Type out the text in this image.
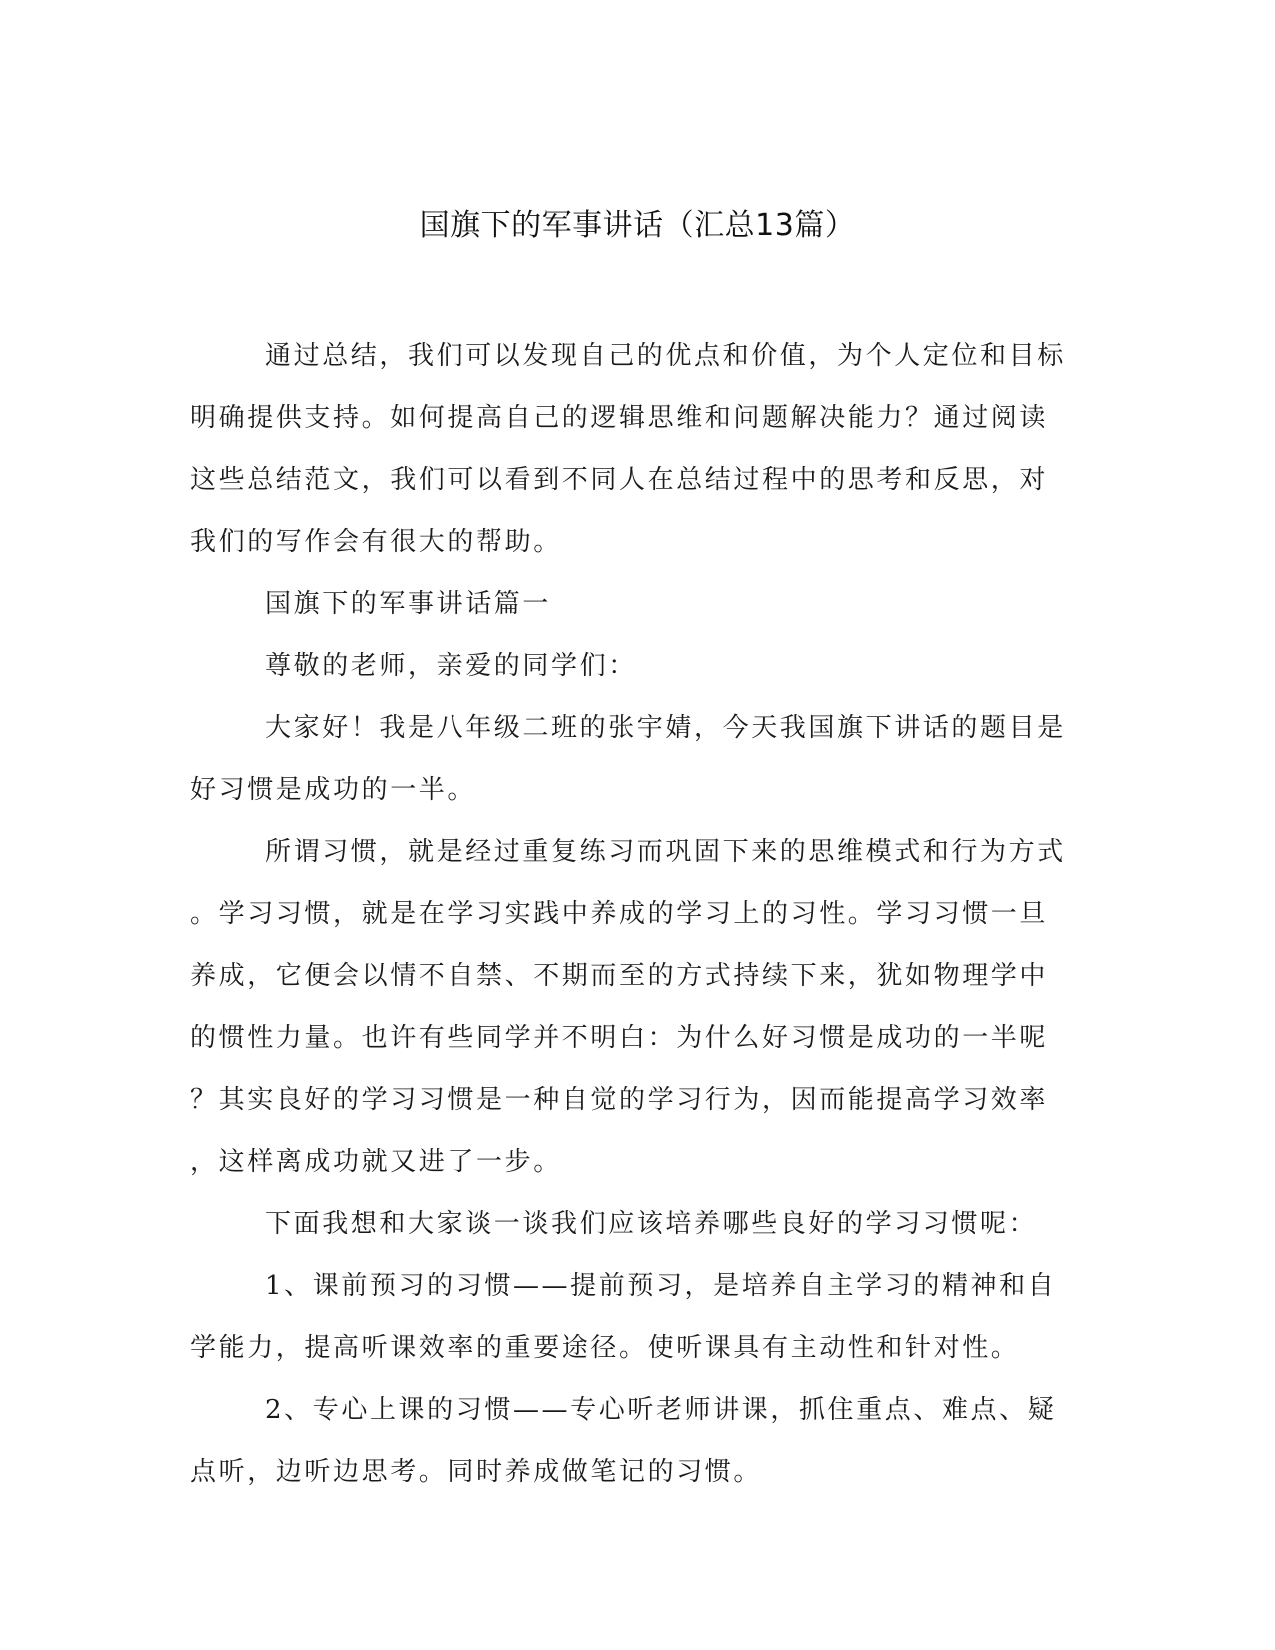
国旗下的军事讲话（汇总13篇）
通过总结，我们可以发现自己的优点和价值，为个人定位和目标
明确提供支持。如何提高自己的逻辑思维和问题解决能力？通过阅读
这些总结范文，我们可以看到不同人在总结过程中的思考和反思，对
我们的写作会有很大的帮助。
国旗下的军事讲话篇一
尊敬的老师，亲爱的同学们：
大家好！我是八年级二班的张宇婧，今天我国旗下讲话的题目是
好习惯是成功的一半。
所谓习惯，就是经过重复练习而巩固下来的思维模式和行为方式
。学习习惯，就是在学习实践中养成的学习上的习性。学习习惯一旦
养成，它便会以情不自禁、不期而至的方式持续下来，犹如物理学中
的惯性力量。也许有些同学并不明白：为什么好习惯是成功的一半呢
？其实良好的学习习惯是一种自觉的学习行为，因而能提高学习效率
，这样离成功就又进了一步。
下面我想和大家谈一谈我们应该培养哪些良好的学习习惯呢：
1、课前预习的习惯——提前预习，是培养自主学习的精神和自
学能力，提高听课效率的重要途径。使听课具有主动性和针对性。
2、专心上课的习惯——专心听老师讲课，抓住重点、难点、疑
点听，边听边思考。同时养成做笔记的习惯。
